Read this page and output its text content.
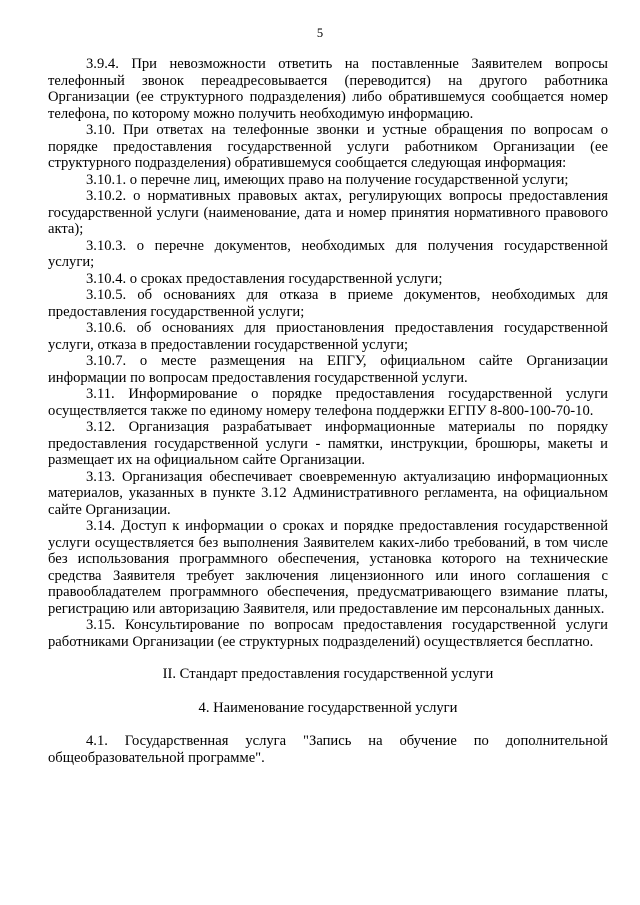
5

3.9.4. При невозможности ответить на поставленные Заявителем вопросы телефонный звонок переадресовывается (переводится) на другого работника Организации (ее структурного подразделения) либо обратившемуся сообщается номер телефона, по которому можно получить необходимую информацию.

3.10. При ответах на телефонные звонки и устные обращения по вопросам о порядке предоставления государственной услуги работником Организации (ее структурного подразделения) обратившемуся сообщается следующая информация:

3.10.1. о перечне лиц, имеющих право на получение государственной услуги;

3.10.2. о нормативных правовых актах, регулирующих вопросы предоставления государственной услуги (наименование, дата и номер принятия нормативного правового акта);

3.10.3. о перечне документов, необходимых для получения государственной услуги;

3.10.4. о сроках предоставления государственной услуги;

3.10.5. об основаниях для отказа в приеме документов, необходимых для предоставления государственной услуги;

3.10.6. об основаниях для приостановления предоставления государственной услуги, отказа в предоставлении государственной услуги;

3.10.7. о месте размещения на ЕПГУ, официальном сайте Организации информации по вопросам предоставления государственной услуги.

3.11. Информирование о порядке предоставления государственной услуги осуществляется также по единому номеру телефона поддержки ЕГПУ 8-800-100-70-10.

3.12. Организация разрабатывает информационные материалы по порядку предоставления государственной услуги - памятки, инструкции, брошюры, макеты и размещает их на официальном сайте Организации.

3.13. Организация обеспечивает своевременную актуализацию информационных материалов, указанных в пункте 3.12 Административного регламента, на официальном сайте Организации.

3.14. Доступ к информации о сроках и порядке предоставления государственной услуги осуществляется без выполнения Заявителем каких-либо требований, в том числе без использования программного обеспечения, установка которого на технические средства Заявителя требует заключения лицензионного или иного соглашения с правообладателем программного обеспечения, предусматривающего взимание платы, регистрацию или авторизацию Заявителя, или предоставление им персональных данных.

3.15. Консультирование по вопросам предоставления государственной услуги работниками Организации (ее структурных подразделений) осуществляется бесплатно.

II. Стандарт предоставления государственной услуги

4. Наименование государственной услуги

4.1. Государственная услуга "Запись на обучение по дополнительной общеобразовательной программе".
